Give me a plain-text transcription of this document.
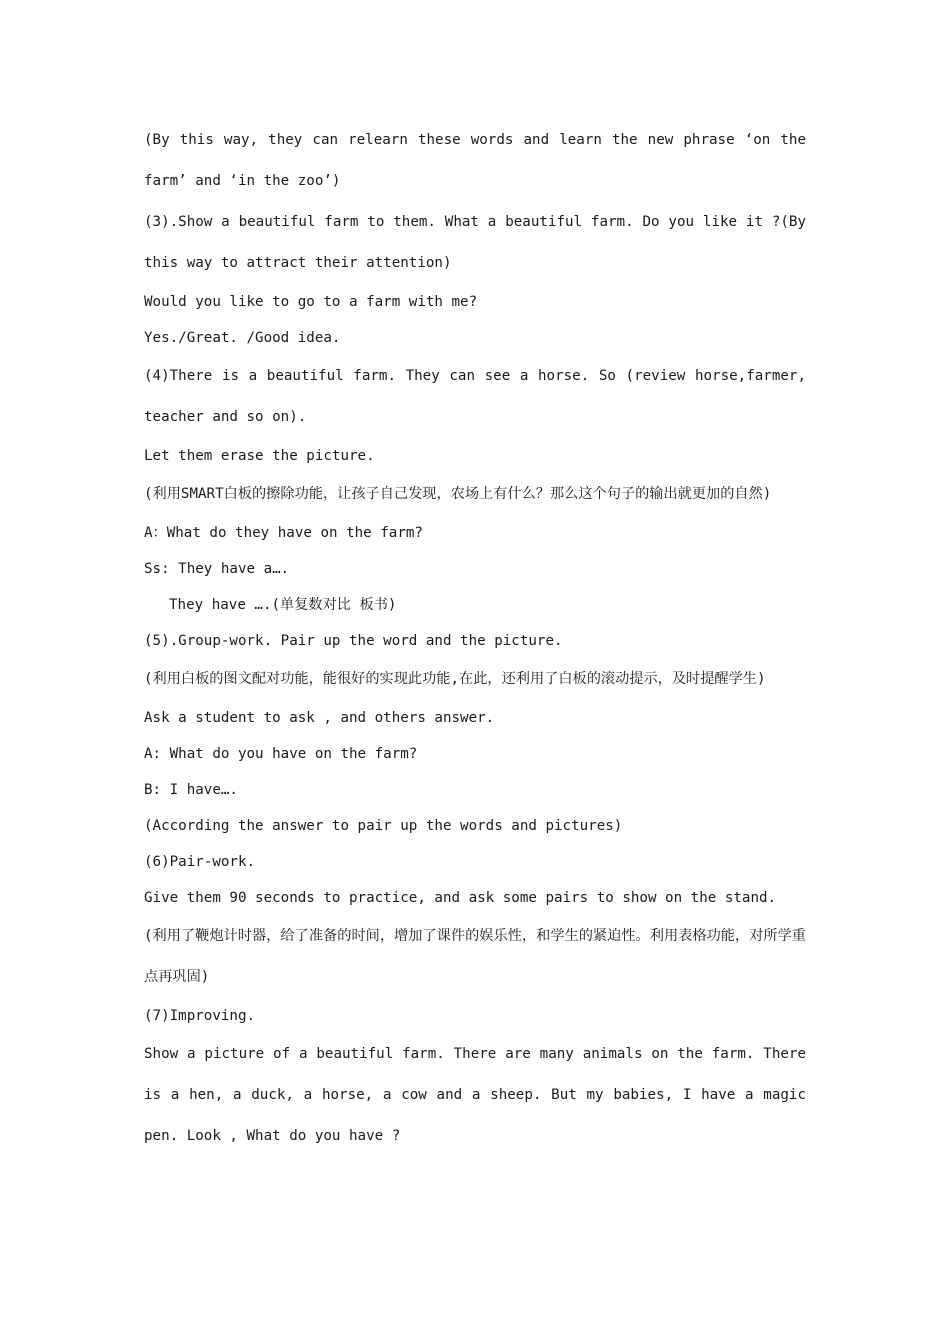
(By this way, they can relearn these words and learn the new phrase ‘on the farm’ and ‘in the zoo’)

(3).Show a beautiful farm to them. What a beautiful farm. Do you like it ?(By this way to attract their attention)

Would you like to go to a farm with me?

Yes./Great. /Good idea.

(4)There is a beautiful farm. They can see a horse. So (review horse,farmer, teacher and so on).

Let them erase the picture.

(利用SMART白板的擦除功能，让孩子自己发现，农场上有什么？那么这个句子的输出就更加的自然)

A：What do they have on the farm?

Ss: They have a….

They have ….(单复数对比 板书)

(5).Group-work. Pair up the word and the picture.

(利用白板的图文配对功能，能很好的实现此功能,在此，还利用了白板的滚动提示，及时提醒学生)

Ask a student to ask , and others answer.

A: What do you have on the farm?

B: I have….

(According the answer to pair up the words and pictures)

(6)Pair-work.

Give them 90 seconds to practice, and ask some pairs to show on the stand.

(利用了鞭炮计时器，给了准备的时间，增加了课件的娱乐性，和学生的紧迫性。利用表格功能，对所学重点再巩固)

(7)Improving.

Show a picture of a beautiful farm. There are many animals on the farm. There is a hen, a duck, a horse, a cow and a sheep. But my babies, I have a magic pen. Look , What do you have ?
